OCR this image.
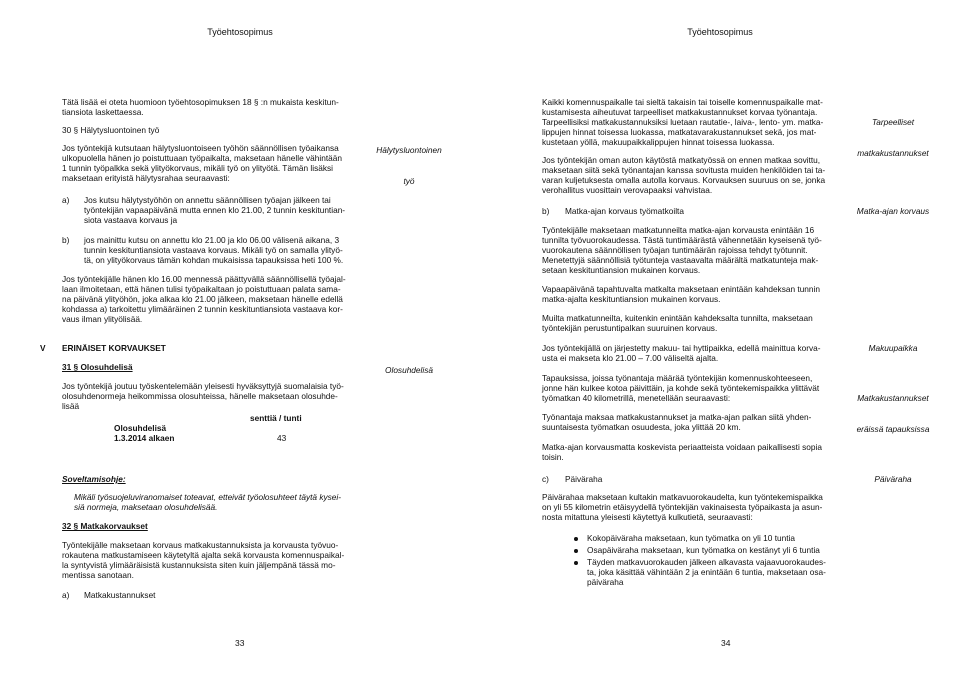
Työehtosopimus
Tätä lisää ei oteta huomioon työehtosopimuksen 18 § :n mukaista keskitun-
tiansiota laskettaessa.
30 § Hälytysluontoinen työ

Hälytysluontoinen

työ

Jos työntekijä kutsutaan hälytysluontoiseen työhön säännöllisen työaikansa
ulkopuolella hänen jo poistuttuaan työpaikalta, maksetaan hänelle vähintään
1 tunnin työpalkka sekä ylityökorvaus, mikäli työ on ylityötä. Tämän lisäksi
maksetaan erityistä hälytysrahaa seuraavasti:
a) Jos kutsu hälytystyöhön on annettu säännöllisen työajan jälkeen tai
työntekijän vapaapäivänä mutta ennen klo 21.00, 2 tunnin keskituntian-
siota vastaava korvaus ja
b) jos mainittu kutsu on annettu klo 21.00 ja klo 06.00 välisenä aikana, 3
tunnin keskituntiansiota vastaava korvaus. Mikäli työ on samalla ylityö-
tä, on ylityökorvaus tämän kohdan mukaisissa tapauksissa heti 100 %.
Jos työntekijälle hänen klo 16.00 mennessä päättyvällä säännöllisellä työajal-
laan ilmoitetaan, että hänen tulisi työpaikaltaan jo poistuttuaan palata sama-
na päivänä ylityöhön, joka alkaa klo 21.00 jälkeen, maksetaan hänelle edellä
kohdassa a) tarkoitettu ylimääräinen 2 tunnin keskituntiansiota vastaava kor-
vaus ilman ylityölisää.
V ERINÄISET KORVAUKSET
31 § Olosuhdelisä	Olosuhdelisä
Jos työntekijä joutuu työskentelemään yleisesti hyväksyttyjä suomalaisia työ-
olosuhdenormeja heikommissa olosuhteissa, hänelle maksetaan olosuhde-
lisää
senttiä / tunti
Olosuhdelisä
1.3.2014 alkaen	43
Soveltamisohje:
Mikäli työsuojeluviranomaiset toteavat, etteivät työolosuhteet täytä kysei-
siä normeja, maksetaan olosuhdelisää.
32 § Matkakorvaukset
Työntekijälle maksetaan korvaus matkakustannuksista ja korvausta työvuo-
rokautena matkustamiseen käytetyltä ajalta sekä korvausta komennuspaikal-
la syntyvistä ylimääräisistä kustannuksista siten kuin jäljempänä tässä mo-
mentissa sanotaan.
a) Matkakustannukset
33
Työehtosopimus
Kaikki komennuspaikalle tai sieltä takaisin tai toiselle komennuspaikalle mat-
kustamisesta aiheutuvat tarpeelliset matkakustannukset korvaa työnantaja.
Tarpeellisiksi matkakustannuksiksi luetaan rautatie-, laiva-, lento- ym. matka-
lippujen hinnat toisessa luokassa, matkatavarakustannukset sekä, jos mat-
kustetaan yöllä, makuupaikkalippujen hinnat toisessa luokassa.

Tarpeelliset

matkakustannukset

Jos työntekijän oman auton käytöstä matkatyössä on ennen matkaa sovittu,
maksetaan siitä sekä työnantajan kanssa sovitusta muiden henkilöiden tai ta-
varan kuljetuksesta omalla autolla korvaus. Korvauksen suuruus on se, jonka
verohallitus vuosittain verovapaaksi vahvistaa.
b) Matka-ajan korvaus työmatkoilta	Matka-ajan korvaus
Työntekijälle maksetaan matkatunneilta matka-ajan korvausta enintään 16
tunnilta työvuorokaudessa. Tästä tuntimäärästä vähennetään kyseisenä työ-
vuorokautena säännöllisen työajan tuntimäärän rajoissa tehdyt työtunnit.
Menetettyjä säännöllisiä työtunteja vastaavalta määrältä matkatunteja mak-
setaan keskituntiansion mukainen korvaus.
Vapaapäivänä tapahtuvalta matkalta maksetaan enintään kahdeksan tunnin
matka-ajalta keskituntiansion mukainen korvaus.
Muilta matkatunneilta, kuitenkin enintään kahdeksalta tunnilta, maksetaan
työntekijän perustuntipalkan suuruinen korvaus.
Jos työntekijällä on järjestetty makuu- tai hyttipaikka, edellä mainittua korva-
usta ei makseta klo 21.00 – 7.00 väliseltä ajalta.
Makuupaikka
Tapauksissa, joissa työnantaja määrää työntekijän komennuskohteeseen,
jonne hän kulkee kotoa päivittäin, ja kohde sekä työntekemispaikka ylittävät
työmatkan 40 kilometrillä, menetellään seuraavasti:

	Matkakustannukset

eräissä tapauksissa

Työnantaja maksaa matkakustannukset ja matka-ajan palkan siitä yhden-
suuntaisesta työmatkan osuudesta, joka ylittää 20 km.
Matka-ajan korvausmatta koskevista periaatteista voidaan paikallisesti sopia
toisin.
c) Päiväraha	Päiväraha
Päivärahaa maksetaan kultakin matkavuorokaudelta, kun työntekemispaikka
on yli 55 kilometrin etäisyydellä työntekijän vakinaisesta työpaikasta ja asun-
nosta mitattuna yleisesti käytettyä kulkutietä, seuraavasti:
Kokopäiväraha maksetaan, kun työmatka on yli 10 tuntia
Osapäiväraha maksetaan, kun työmatka on kestänyt yli 6 tuntia
Täyden matkavuorokauden jälkeen alkavasta vajaavuorokaudes-
ta, joka käsittää vähintään 2 ja enintään 6 tuntia, maksetaan osa-
päiväraha
34
